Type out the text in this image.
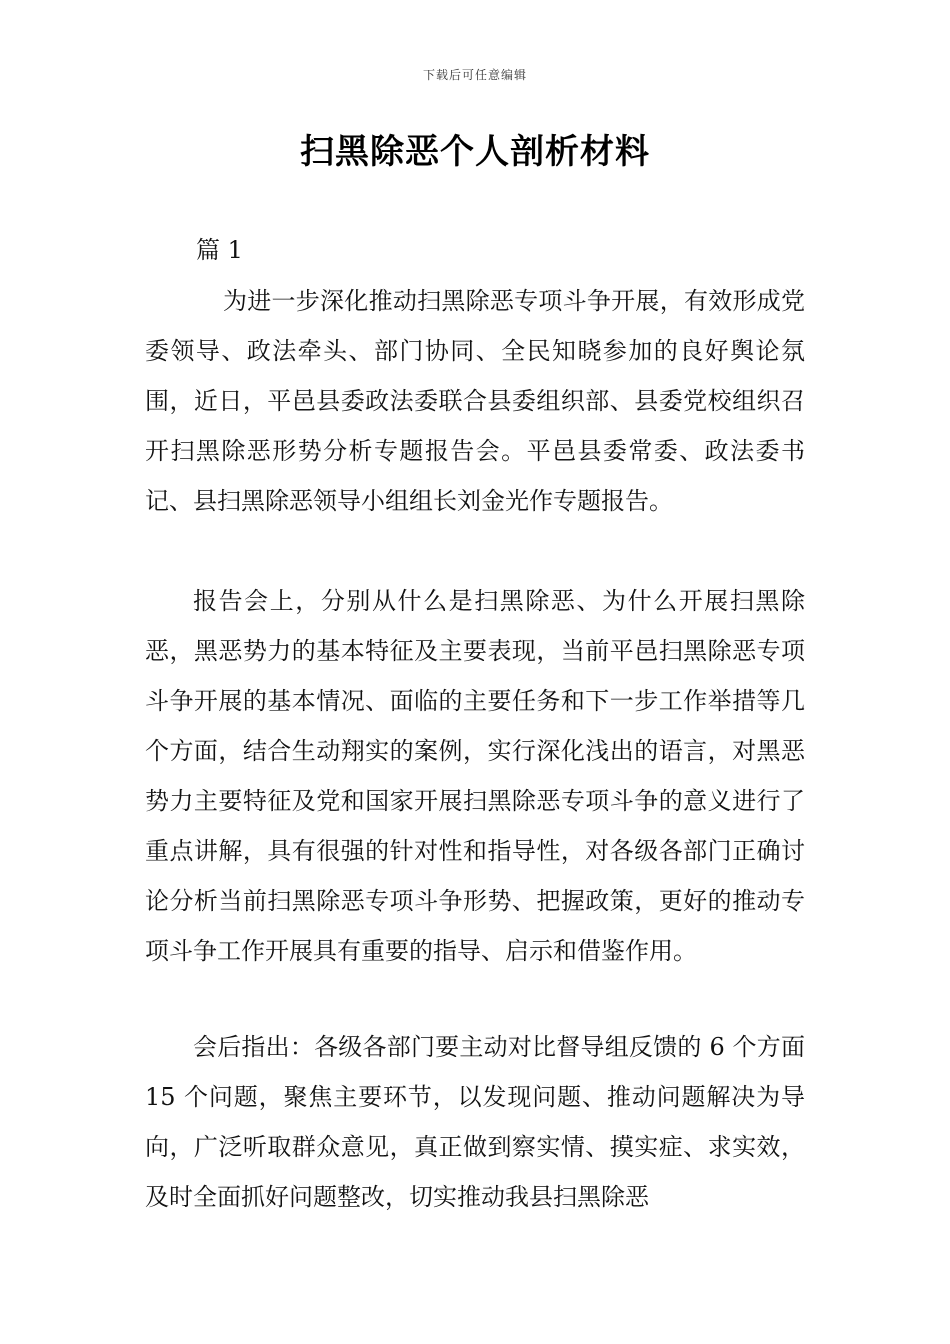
下载后可任意编辑
扫黑除恶个人剖析材料
篇 1

为进一步深化推动扫黑除恶专项斗争开展，有效形成党委领导、政法牵头、部门协同、全民知晓参加的良好舆论氛围，近日，平邑县委政法委联合县委组织部、县委党校组织召开扫黑除恶形势分析专题报告会。平邑县委常委、政法委书记、县扫黑除恶领导小组组长刘金光作专题报告。

报告会上，分别从什么是扫黑除恶、为什么开展扫黑除恶，黑恶势力的基本特征及主要表现，当前平邑扫黑除恶专项斗争开展的基本情况、面临的主要任务和下一步工作举措等几个方面，结合生动翔实的案例，实行深化浅出的语言，对黑恶势力主要特征及党和国家开展扫黑除恶专项斗争的意义进行了重点讲解，具有很强的针对性和指导性，对各级各部门正确讨论分析当前扫黑除恶专项斗争形势、把握政策，更好的推动专项斗争工作开展具有重要的指导、启示和借鉴作用。

会后指出：各级各部门要主动对比督导组反馈的 6 个方面 15 个问题，聚焦主要环节，以发现问题、推动问题解决为导向，广泛听取群众意见，真正做到察实情、摸实症、求实效，及时全面抓好问题整改，切实推动我县扫黑除恶
